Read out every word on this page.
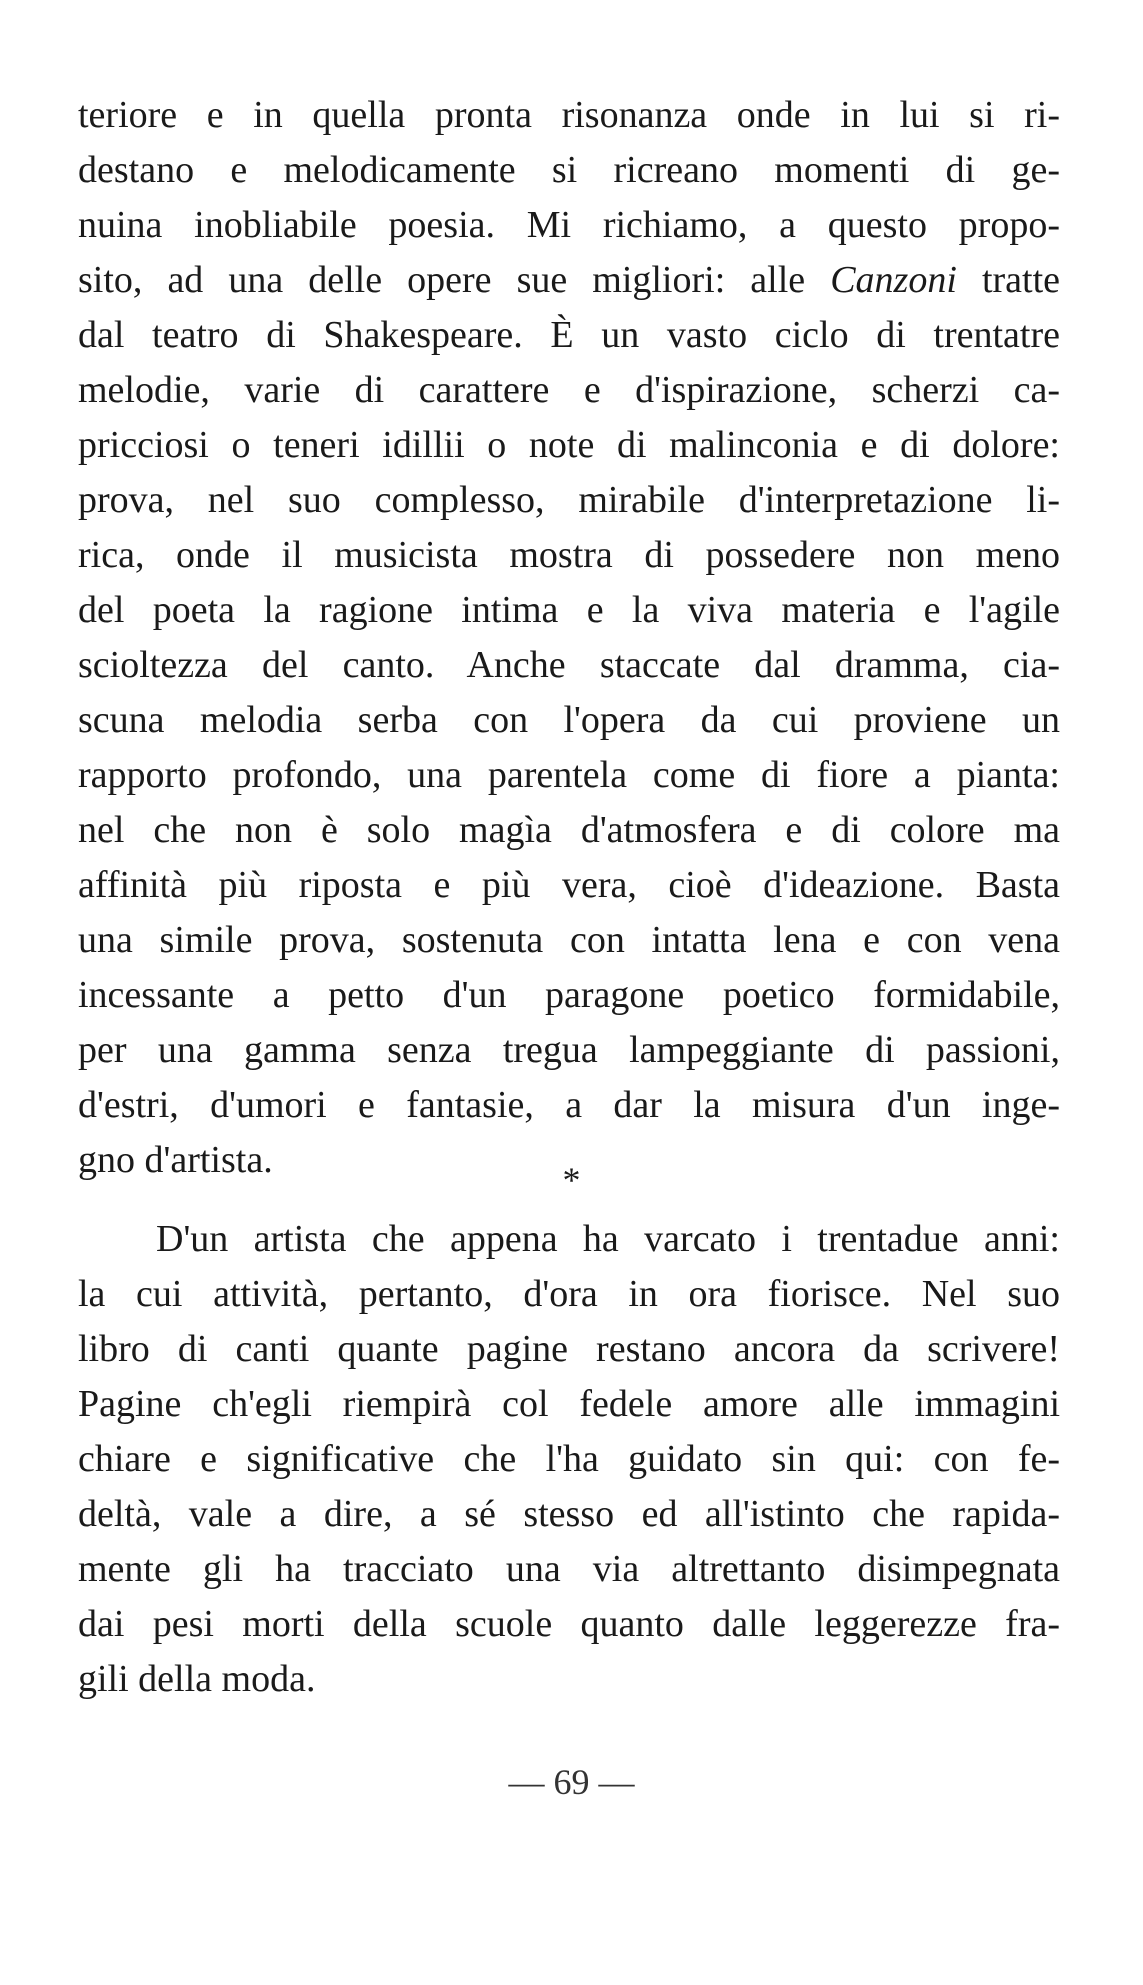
teriore e in quella pronta risonanza onde in lui si ri-
destano e melodicamente si ricreano momenti di ge-
nuina inobliabile poesia. Mi richiamo, a questo propo-
sito, ad una delle opere sue migliori: alle Canzoni tratte
dal teatro di Shakespeare. È un vasto ciclo di trentatre
melodie, varie di carattere e d'ispirazione, scherzi ca-
pricciosi o teneri idillii o note di malinconia e di dolore:
prova, nel suo complesso, mirabile d'interpretazione li-
rica, onde il musicista mostra di possedere non meno
del poeta la ragione intima e la viva materia e l'agile
scioltezza del canto. Anche staccate dal dramma, cia-
scuna melodia serba con l'opera da cui proviene un
rapporto profondo, una parentela come di fiore a pianta:
nel che non è solo magìa d'atmosfera e di colore ma
affinità più riposta e più vera, cioè d'ideazione. Basta
una simile prova, sostenuta con intatta lena e con vena
incessante a petto d'un paragone poetico formidabile,
per una gamma senza tregua lampeggiante di passioni,
d'estri, d'umori e fantasie, a dar la misura d'un inge-
gno d'artista.	*
D'un artista che appena ha varcato i trentadue anni:
la cui attività, pertanto, d'ora in ora fiorisce. Nel suo
libro di canti quante pagine restano ancora da scrivere!
Pagine ch'egli riempirà col fedele amore alle immagini
chiare e significative che l'ha guidato sin qui: con fe-
deltà, vale a dire, a sé stesso ed all'istinto che rapida-
mente gli ha tracciato una via altrettanto disimpegnata
dai pesi morti della scuole quanto dalle leggerezze fra-
gili della moda.
— 69 —
